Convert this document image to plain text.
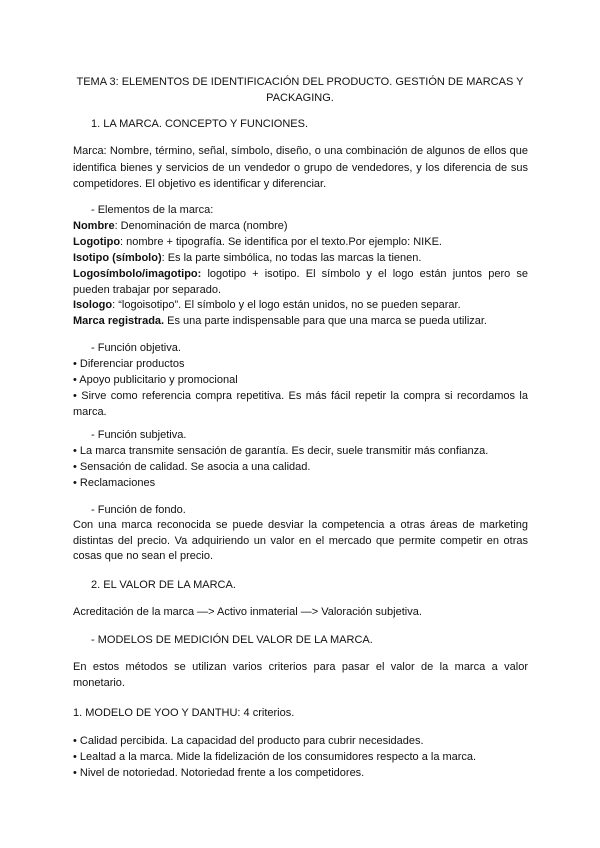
TEMA 3: ELEMENTOS DE IDENTIFICACIÓN DEL PRODUCTO. GESTIÓN DE MARCAS Y PACKAGING.
1. LA MARCA. CONCEPTO Y FUNCIONES.
Marca: Nombre, término, señal, símbolo, diseño, o una combinación de algunos de ellos que identifica bienes y servicios de un vendedor o grupo de vendedores, y los diferencia de sus competidores. El objetivo es identificar y diferenciar.
- Elementos de la marca:
Nombre: Denominación de marca (nombre)
Logotipo: nombre + tipografía. Se identifica por el texto.Por ejemplo: NIKE.
Isotipo (símbolo): Es la parte simbólica, no todas las marcas la tienen.
Logosímbolo/imagotipo: logotipo + isotipo. El símbolo y el logo están juntos pero se pueden trabajar por separado.
Isologo: “logoisotipo”. El símbolo y el logo están unidos, no se pueden separar.
Marca registrada. Es una parte indispensable para que una marca se pueda utilizar.
- Función objetiva.
• Diferenciar productos
• Apoyo publicitario y promocional
• Sirve como referencia compra repetitiva. Es más fácil repetir la compra si recordamos la marca.
- Función subjetiva.
• La marca transmite sensación de garantía. Es decir, suele transmitir más confianza.
• Sensación de calidad. Se asocia a una calidad.
• Reclamaciones
- Función de fondo.
Con una marca reconocida se puede desviar la competencia a otras áreas de marketing distintas del precio. Va adquiriendo un valor en el mercado que permite competir en otras cosas que no sean el precio.
2. EL VALOR DE LA MARCA.
Acreditación de la marca —> Activo inmaterial —> Valoración subjetiva.
- MODELOS DE MEDICIÓN DEL VALOR DE LA MARCA.
En estos métodos se utilizan varios criterios para pasar el valor de la marca a valor monetario.
1. MODELO DE YOO Y DANTHU: 4 criterios.
• Calidad percibida. La capacidad del producto para cubrir necesidades.
• Lealtad a la marca. Mide la fidelización de los consumidores respecto a la marca.
• Nivel de notoriedad. Notoriedad frente a los competidores.
